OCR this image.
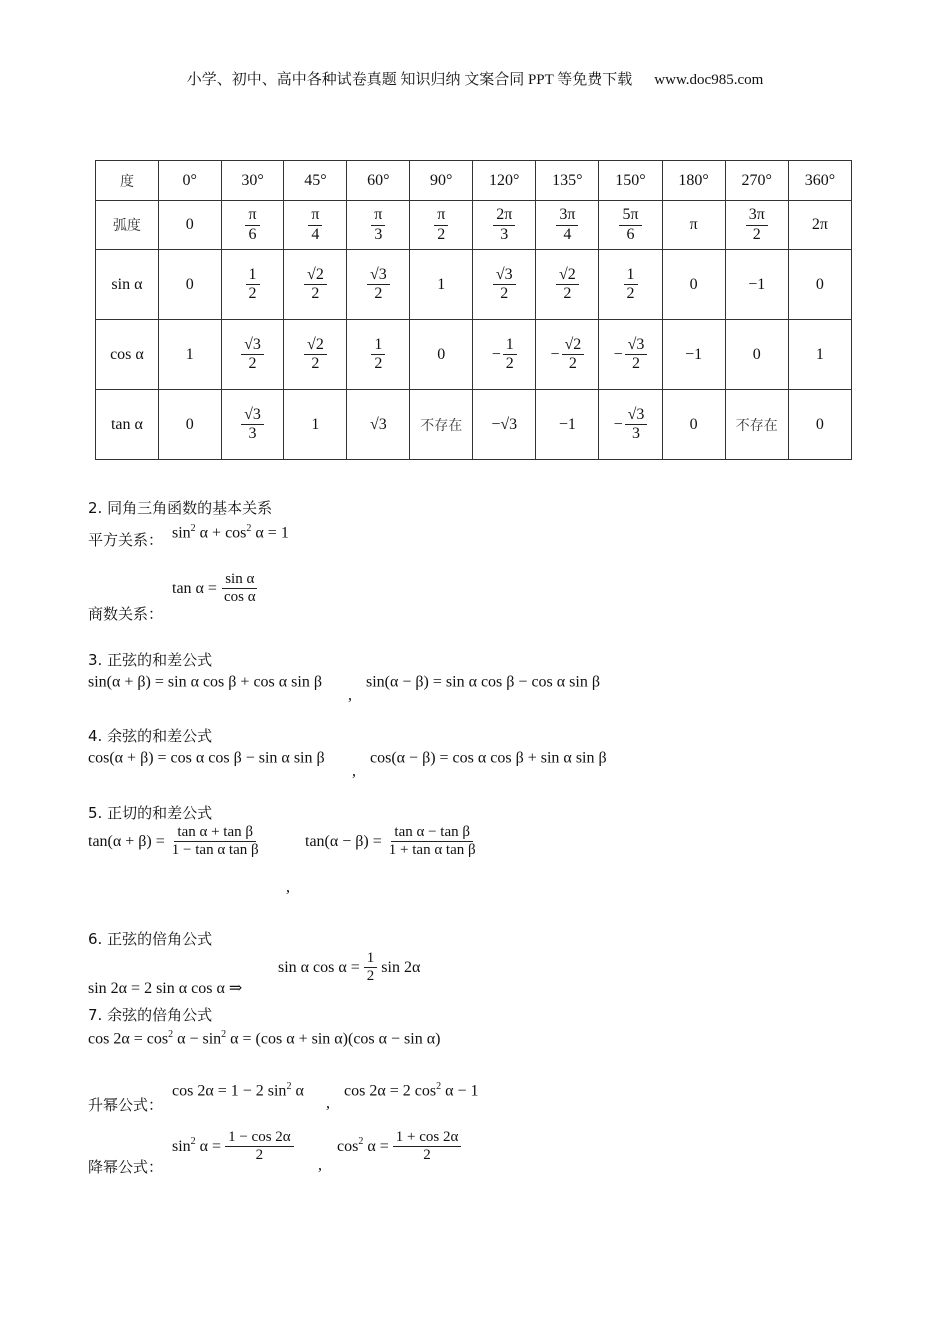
小学、初中、高中各种试卷真题 知识归纳 文案合同 PPT 等免费下载 www.doc985.com
度	0°	30°	45°	60°	90°	120°	135°	150°	180°	270°	360°
弧度	0	$\frac{\pi}{6}$	$\frac{\pi}{4}$	$\frac{\pi}{3}$	$\frac{\pi}{2}$	$\frac{2\pi}{3}$	$\frac{3\pi}{4}$	$\frac{5\pi}{6}$	π	$\frac{3\pi}{2}$	2π
sin α	0	$\frac{1}{2}$	$\frac{√2}{2}$	$\frac{√3}{2}$	1	$\frac{√3}{2}$	$\frac{√2}{2}$	$\frac{1}{2}$	0	−1	0
cos α	1	$\frac{√3}{2}$	$\frac{√2}{2}$	$\frac{1}{2}$	0	− $\frac{1}{2}$	− $\frac{√2}{2}$	− $\frac{√3}{2}$	−1	0	1
tan α	0	$\frac{√3}{3}$	1	√3	不存在	−√3	−1	− $\frac{√3}{3}$	0	不存在	0
2. 同角三角函数的基本关系
平方关系：
商数关系：
3. 正弦的和差公式
4. 余弦的和差公式
5. 正切的和差公式
6. 正弦的倍角公式
7. 余弦的倍角公式
升幂公式：
降幂公式：
$\sin^2 \alpha + \cos^2 \alpha = 1$
$\tan \alpha = \frac{\text{sin α}}{\text{cos α}}$
sin(α + β) = sin α cos β + cos α sin β
,
sin(α − β) = sin α cos β − cos α sin β
cos(α + β) = cos α cos β − sin α sin β
,
cos(α − β) = cos α cos β + sin α sin β
$\tan(\alpha + \beta) = \frac{\text{tan α + tan β}}{\text{1 − tan α tan β}}$	$\tan(\alpha - \beta) = \frac{\text{tan α − tan β}}{\text{1 + tan α tan β}}$
,
sin 2α = 2 sin α cos α ⇒
sin α $\cos \alpha = \frac{1}{2}$ sin 2α
$\cos 2\alpha = \cos^2 \alpha - \sin^2 \alpha = (\cos$ α + sin α)(cos α − sin α)
cos 2α = 1 − 2 $\sin^2 \alpha$
,
cos 2α = 2 $\cos^2 \alpha - 1$
$\sin^2 \alpha = \frac{1 - \cos 2\alpha}{2}$
,
$\cos^2 \alpha = \frac{1 + \cos 2\alpha}{2}$
